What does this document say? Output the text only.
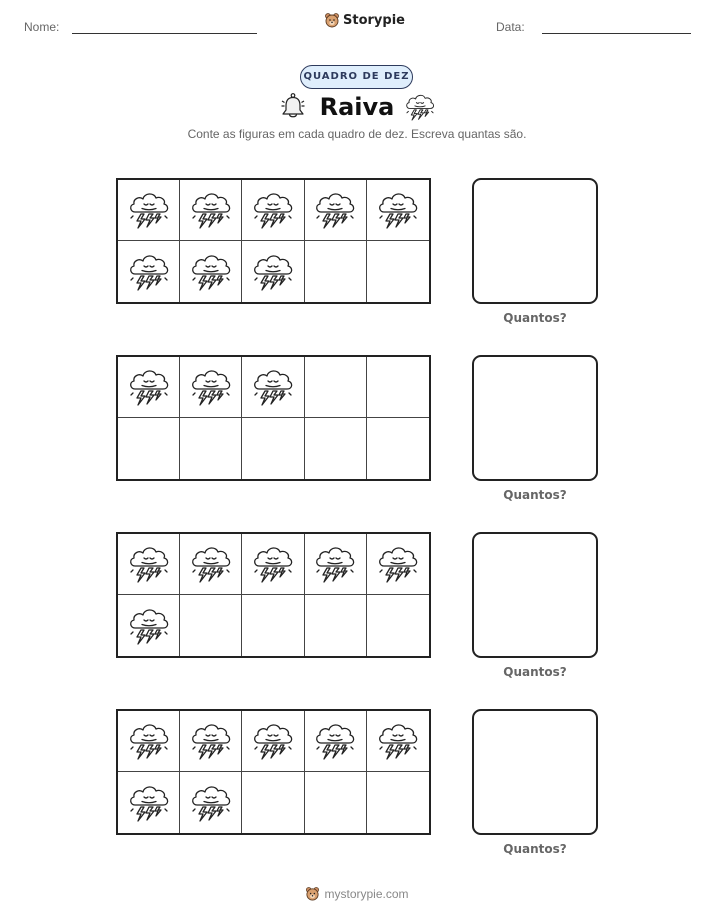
Nome:	Storypie	Data:
QUADRO DE DEZ
Raiva
Conte as figuras em cada quadro de dez. Escreva quantas são.
Quantos?
Quantos?
Quantos?
Quantos?
mystorypie.com
